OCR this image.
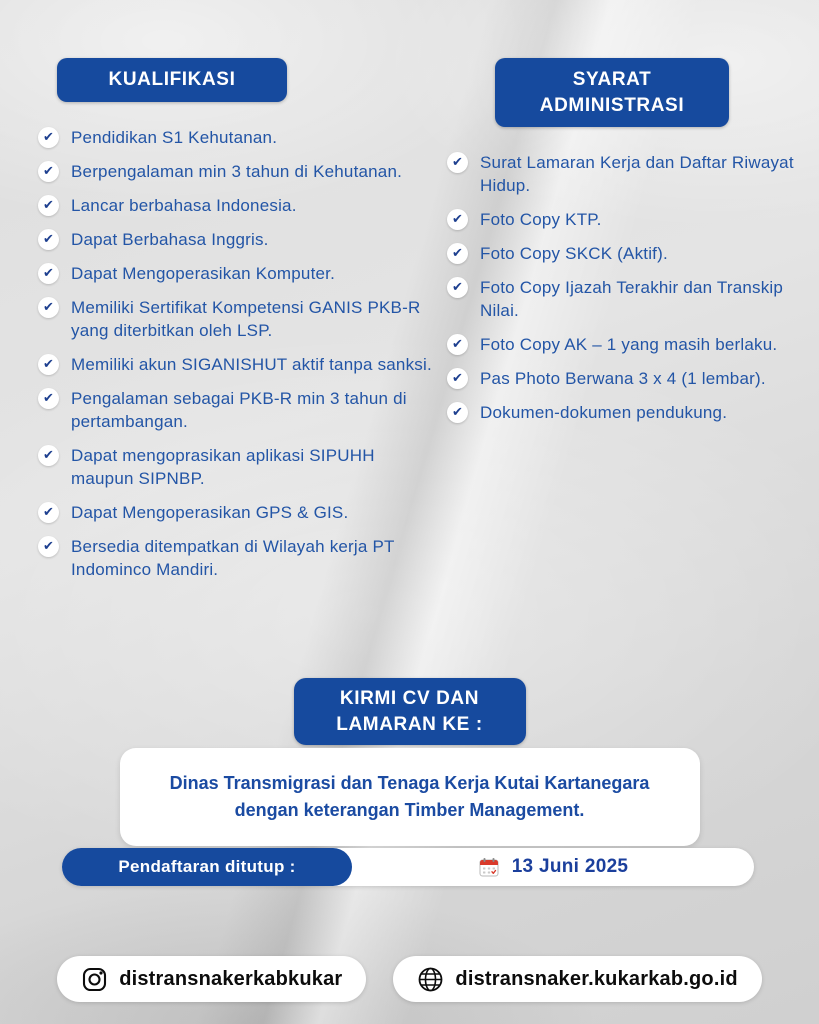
KUALIFIKASI
✔ Pendidikan S1 Kehutanan.
✔ Berpengalaman min 3 tahun di Kehutanan.
✔ Lancar berbahasa Indonesia.
✔ Dapat Berbahasa Inggris.
✔ Dapat Mengoperasikan Komputer.
✔ Memiliki Sertifikat Kompetensi GANIS PKB-R yang diterbitkan oleh LSP.
✔ Memiliki akun SIGANISHUT aktif tanpa sanksi.
✔ Pengalaman sebagai PKB-R min 3 tahun di pertambangan.
✔ Dapat mengoprasikan aplikasi SIPUHH maupun SIPNBP.
✔ Dapat Mengoperasikan GPS & GIS.
✔ Bersedia ditempatkan di Wilayah kerja PT Indominco Mandiri.
SYARAT ADMINISTRASI
✔ Surat Lamaran Kerja dan Daftar Riwayat Hidup.
✔ Foto Copy KTP.
✔ Foto Copy SKCK (Aktif).
✔ Foto Copy Ijazah Terakhir dan Transkip Nilai.
✔ Foto Copy AK – 1 yang masih berlaku.
✔ Pas Photo Berwana 3 x 4 (1 lembar).
✔ Dokumen-dokumen pendukung.
KIRMI CV DAN LAMARAN KE :
Dinas Transmigrasi dan Tenaga Kerja Kutai Kartanegara dengan keterangan Timber Management.
Pendaftaran ditutup :	13 Juni 2025
distransnakerkabkukar	distransnaker.kukarkab.go.id
